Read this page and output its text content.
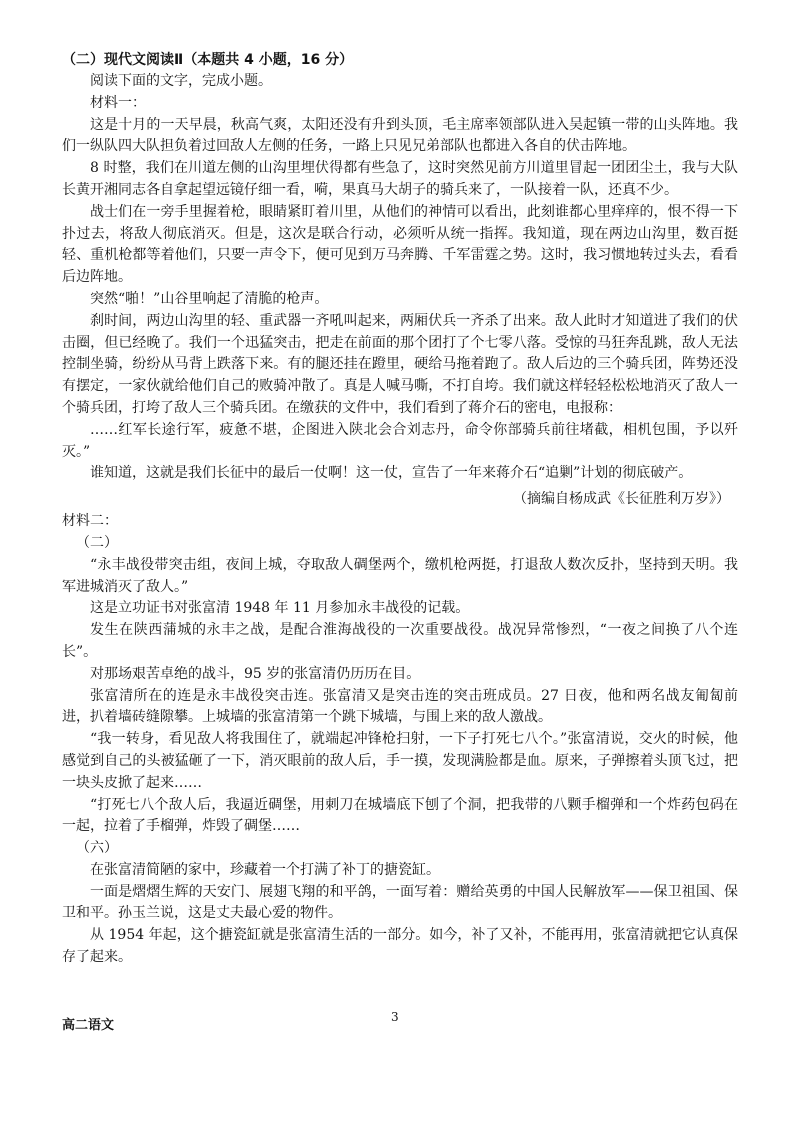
（二）现代文阅读Ⅱ（本题共 4 小题，16 分）

阅读下面的文字，完成小题。

材料一：

这是十月的一天早晨，秋高气爽，太阳还没有升到头顶，毛主席率领部队进入吴起镇一带的山头阵地。我们一纵队四大队担负着过回敌人左侧的任务，一路上只见兄弟部队也都进入各自的伏击阵地。

8 时整，我们在川道左侧的山沟里埋伏得都有些急了，这时突然见前方川道里冒起一团团尘土，我与大队长黄开湘同志各自拿起望远镜仔细一看，嗬，果真马大胡子的骑兵来了，一队接着一队，还真不少。

战士们在一旁手里握着枪，眼睛紧盯着川里，从他们的神情可以看出，此刻谁都心里痒痒的，恨不得一下扑过去，将敌人彻底消灭。但是，这次是联合行动，必须听从统一指挥。我知道，现在两边山沟里，数百挺轻、重机枪都等着他们，只要一声令下，便可见到万马奔腾、千军雷霆之势。这时，我习惯地转过头去，看看后边阵地。

突然“啪！”山谷里响起了清脆的枪声。

刹时间，两边山沟里的轻、重武器一齐吼叫起来，两厢伏兵一齐杀了出来。敌人此时才知道进了我们的伏击圈，但已经晚了。我们一个迅猛突击，把走在前面的那个团打了个七零八落。受惊的马狂奔乱跳，敌人无法控制坐骑，纷纷从马背上跌落下来。有的腿还挂在蹬里，硬给马拖着跑了。敌人后边的三个骑兵团，阵势还没有摆定，一家伙就给他们自己的败骑冲散了。真是人喊马嘶，不打自垮。我们就这样轻轻松松地消灭了敌人一个骑兵团，打垮了敌人三个骑兵团。在缴获的文件中，我们看到了蒋介石的密电，电报称：

……红军长途行军，疲惫不堪，企图进入陕北会合刘志丹，命令你部骑兵前往堵截，相机包围，予以歼灭。”

谁知道，这就是我们长征中的最后一仗啊！这一仗，宣告了一年来蒋介石“追剿”计划的彻底破产。

（摘编自杨成武《长征胜利万岁》）

材料二：

（二）

“永丰战役带突击组，夜间上城，夺取敌人碉堡两个，缴机枪两挺，打退敌人数次反扑，坚持到天明。我军进城消灭了敌人。”

这是立功证书对张富清 1948 年 11 月参加永丰战役的记载。

发生在陕西蒲城的永丰之战，是配合淮海战役的一次重要战役。战况异常惨烈，“一夜之间换了八个连长”。

对那场艰苦卓绝的战斗，95 岁的张富清仍历历在目。

张富清所在的连是永丰战役突击连。张富清又是突击连的突击班成员。27 日夜，他和两名战友匍匐前进，扒着墙砖缝隙攀。上城墙的张富清第一个跳下城墙，与围上来的敌人激战。

“我一转身，看见敌人将我围住了，就端起冲锋枪扫射，一下子打死七八个。”张富清说，交火的时候，他感觉到自己的头被猛砸了一下，消灭眼前的敌人后，手一摸，发现满脸都是血。原来，子弹擦着头顶飞过，把一块头皮掀了起来……

“打死七八个敌人后，我逼近碉堡，用刺刀在城墙底下刨了个洞，把我带的八颗手榴弹和一个炸药包码在一起，拉着了手榴弹，炸毁了碉堡……

（六）

在张富清简陋的家中，珍藏着一个打满了补丁的搪瓷缸。

一面是熠熠生辉的天安门、展翅飞翔的和平鸽，一面写着：赠给英勇的中国人民解放军——保卫祖国、保卫和平。孙玉兰说，这是丈夫最心爱的物件。

从 1954 年起，这个搪瓷缸就是张富清生活的一部分。如今，补了又补，不能再用，张富清就把它认真保存了起来。

高二语文
3
